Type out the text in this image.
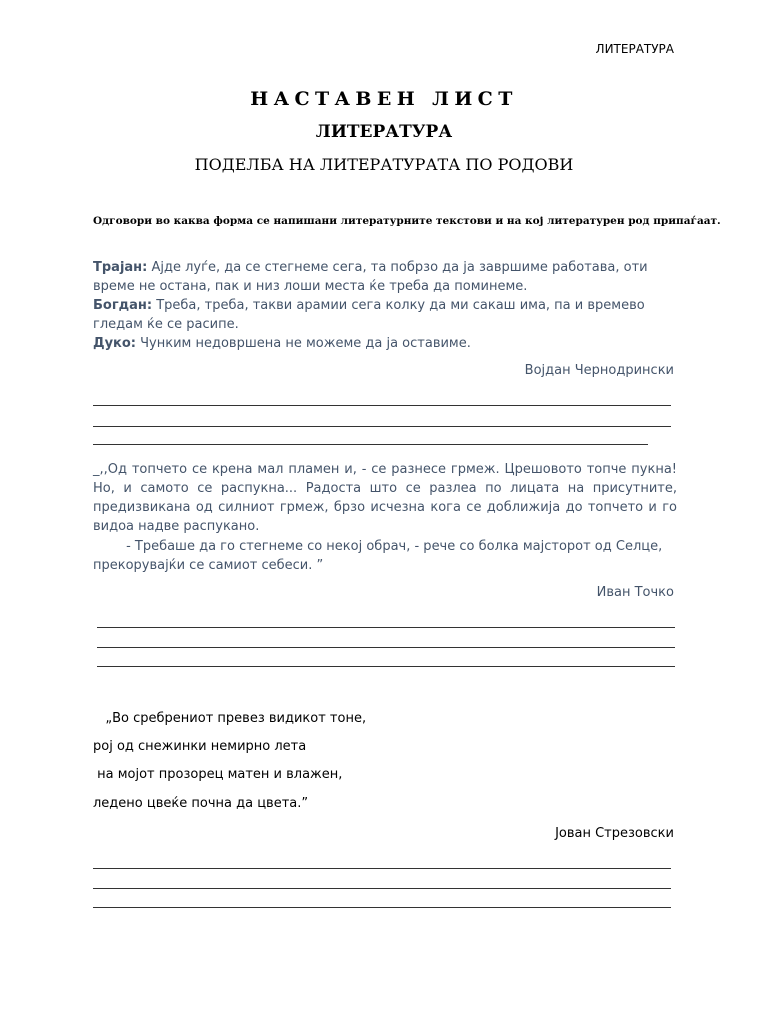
ЛИТЕРАТУРА
НАСТАВЕН ЛИСТ
ЛИТЕРАТУРА
ПОДЕЛБА НА ЛИТЕРАТУРАТА ПО РОДОВИ
Одговори во каква форма се напишани литературните текстови и на кој литературен род припаѓаат.
Трајан: Аjде луѓе, да се стегнеме сега, та побрзо да ја завршиме работава, оти време не остана, пак и низ лоши места ќе треба да поминеме.
Богдан: Треба, треба, такви арамии сега колку да ми сакаш има, па и времево гледам ќе се расипе.
Дуко: Чунким недовршена не можеме да ја оставиме.
Војдан Чернодрински
_,,Од топчето се крена мал пламен и, - се разнесе грмеж. Црешовото топче пукна! Но, и самото се распукна... Радоста што се разлеа по лицата на присутните, предизвикана од силниот грмеж, брзо исчезна кога се доближија до топчето и го видоа надве распукано.
- Требаше да го стегнеме со некој обрач, - рече со болка мајсторот од Селце, прекорувајќи се самиот себеси. ”
Иван Точко
„Во сребрениот превез видикот тоне,
рој од снежинки немирно лета
на мојот прозорец матен и влажен,
ледено цвеќе почна да цвета.”
Јован Стрезовски
